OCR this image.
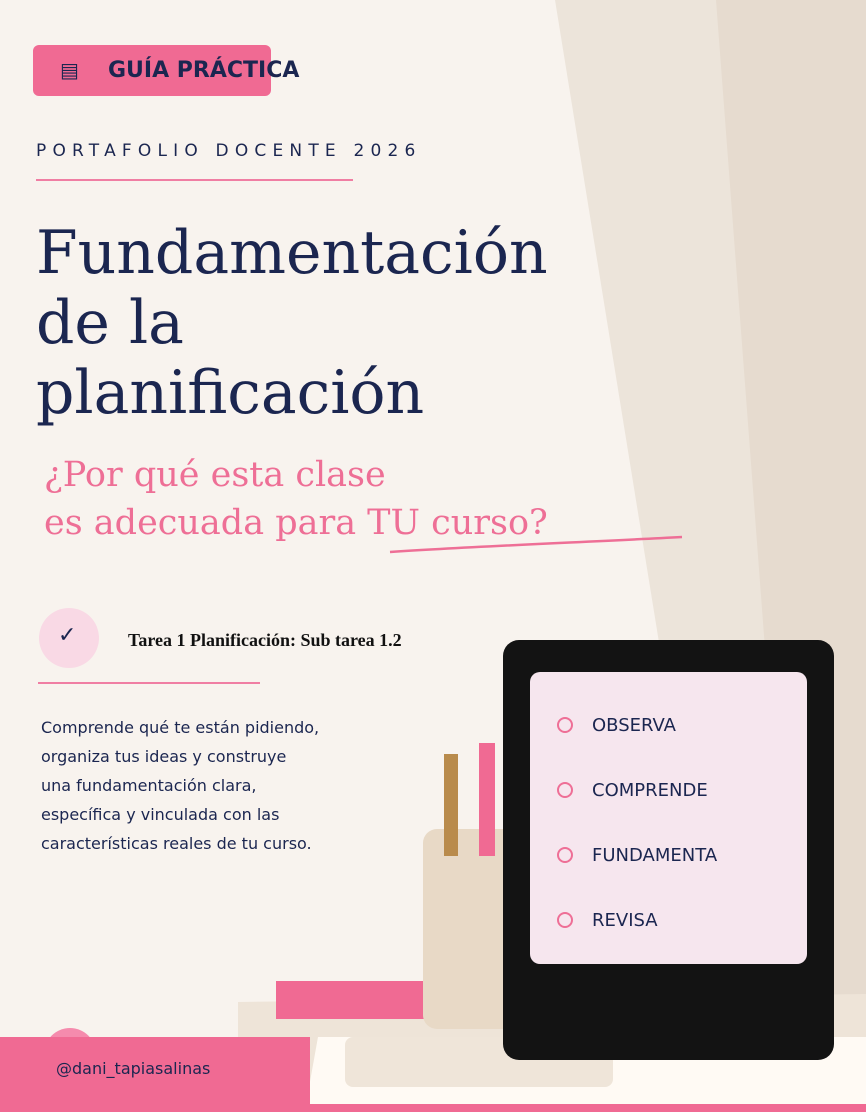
▤ GUÍA PRÁCTICA
PORTAFOLIO DOCENTE 2026
Fundamentación
de la
planificación
¿Por qué esta clase
es adecuada para TU curso?
✓	Tarea 1 Planificación: Sub tarea 1.2

Comprende qué te están pidiendo,
organiza tus ideas y construye
una fundamentación clara,
específica y vinculada con las
características reales de tu curso.

OBSERVA
COMPRENDE
FUNDAMENTA
REVISA
@dani_tapiasalinas
